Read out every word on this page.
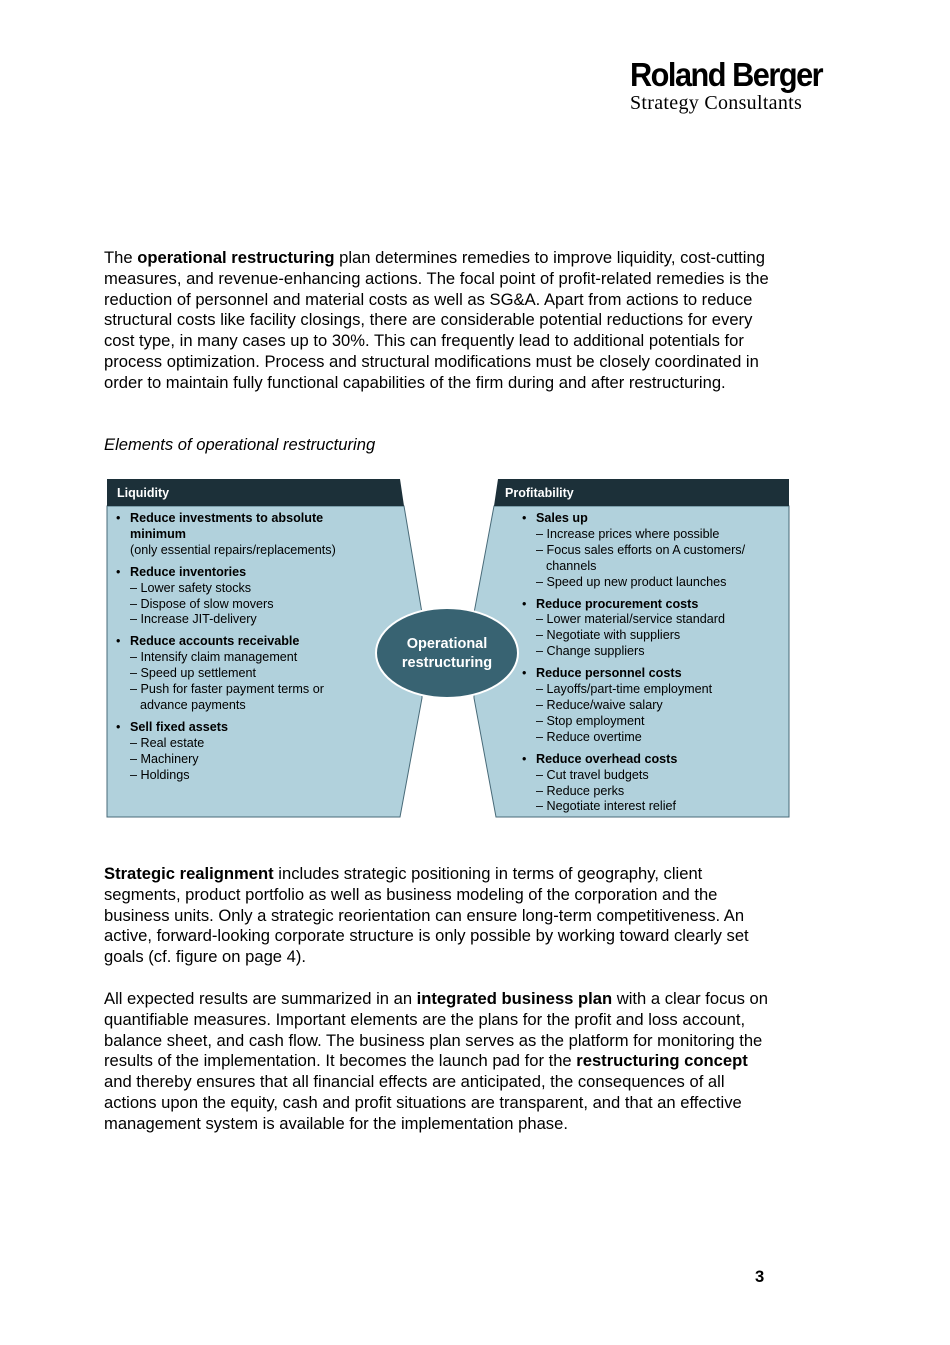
Roland Berger
Strategy Consultants

The operational restructuring plan determines remedies to improve liquidity, cost-cutting measures, and revenue-enhancing actions. The focal point of profit-related remedies is the reduction of personnel and material costs as well as SG&A. Apart from actions to reduce structural costs like facility closings, there are considerable potential reductions for every cost type, in many cases up to 30%. This can frequently lead to additional potentials for process optimization. Process and structural modifications must be closely coordinated in order to maintain fully functional capabilities of the firm during and after restructuring.

Elements of operational restructuring
Liquidity	Profitability
• Reduce investments to absolute minimum
(only essential repairs/replacements)
• Reduce inventories
– Lower safety stocks
– Dispose of slow movers
– Increase JIT-delivery
• Reduce accounts receivable
– Intensify claim management
– Speed up settlement
– Push for faster payment terms or advance payments
• Sell fixed assets
– Real estate
– Machinery
– Holdings
• Sales up
– Increase prices where possible
– Focus sales efforts on A customers/ channels
– Speed up new product launches
• Reduce procurement costs
– Lower material/service standard
– Negotiate with suppliers
– Change suppliers
• Reduce personnel costs
– Layoffs/part-time employment
– Reduce/waive salary
– Stop employment
– Reduce overtime
• Reduce overhead costs
– Cut travel budgets
– Reduce perks
– Negotiate interest relief
Operational
restructuring

Strategic realignment includes strategic positioning in terms of geography, client segments, product portfolio as well as business modeling of the corporation and the business units. Only a strategic reorientation can ensure long-term competitiveness. An active, forward-looking corporate structure is only possible by working toward clearly set goals (cf. figure on page 4).

All expected results are summarized in an integrated business plan with a clear focus on quantifiable measures. Important elements are the plans for the profit and loss account, balance sheet, and cash flow. The business plan serves as the platform for monitoring the results of the implementation. It becomes the launch pad for the restructuring concept and thereby ensures that all financial effects are anticipated, the consequences of all actions upon the equity, cash and profit situations are transparent, and that an effective management system is available for the implementation phase.

3
